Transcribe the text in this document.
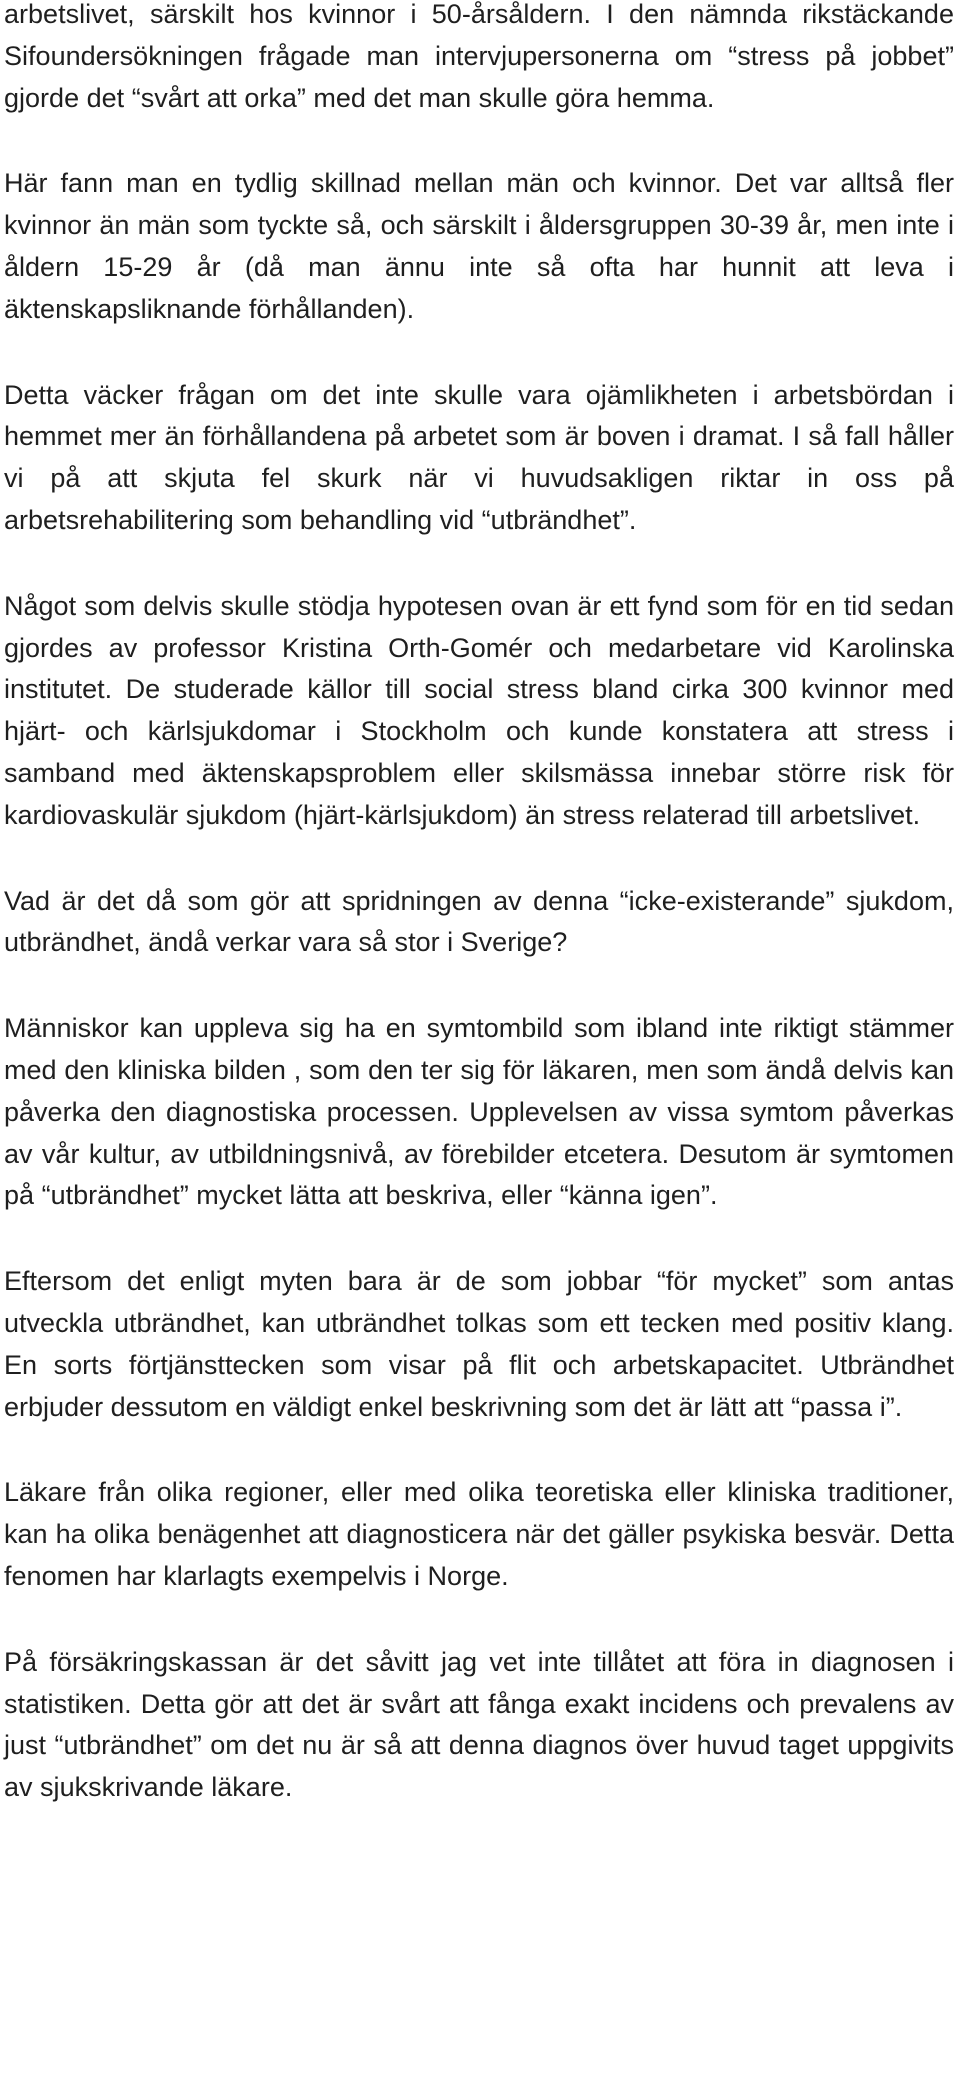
arbetslivet, särskilt hos kvinnor i 50-årsåldern. I den nämnda rikstäckande Sifoundersökningen frågade man intervjupersonerna om “stress på jobbet” gjorde det “svårt att orka” med det man skulle göra hemma.

Här fann man en tydlig skillnad mellan män och kvinnor. Det var alltså fler kvinnor än män som tyckte så, och särskilt i åldersgruppen 30-39 år, men inte i åldern 15-29 år (då man ännu inte så ofta har hunnit att leva i äktenskapsliknande förhållanden).

Detta väcker frågan om det inte skulle vara ojämlikheten i arbetsbördan i hemmet mer än förhållandena på arbetet som är boven i dramat. I så fall håller vi på att skjuta fel skurk när vi huvudsakligen riktar in oss på arbetsrehabilitering som behandling vid “utbrändhet”.

Något som delvis skulle stödja hypotesen ovan är ett fynd som för en tid sedan gjordes av professor Kristina Orth-Gomér och medarbetare vid Karolinska institutet. De studerade källor till social stress bland cirka 300 kvinnor med hjärt- och kärlsjukdomar i Stockholm och kunde konstatera att stress i samband med äktenskapsproblem eller skilsmässa innebar större risk för kardiovaskulär sjukdom (hjärt-kärlsjukdom) än stress relaterad till arbetslivet.

Vad är det då som gör att spridningen av denna “icke-existerande” sjukdom, utbrändhet, ändå verkar vara så stor i Sverige?

Människor kan uppleva sig ha en symtombild som ibland inte riktigt stämmer med den kliniska bilden , som den ter sig för läkaren, men som ändå delvis kan påverka den diagnostiska processen. Upplevelsen av vissa symtom påverkas av vår kultur, av utbildningsnivå, av förebilder etcetera. Desutom är symtomen på “utbrändhet” mycket lätta att beskriva, eller “känna igen”.

Eftersom det enligt myten bara är de som jobbar “för mycket” som antas utveckla utbrändhet, kan utbrändhet tolkas som ett tecken med positiv klang. En sorts förtjänsttecken som visar på flit och arbetskapacitet. Utbrändhet erbjuder dessutom en väldigt enkel beskrivning som det är lätt att “passa i”.

Läkare från olika regioner, eller med olika teoretiska eller kliniska traditioner, kan ha olika benägenhet att diagnosticera när det gäller psykiska besvär. Detta fenomen har klarlagts exempelvis i Norge.

På försäkringskassan är det såvitt jag vet inte tillåtet att föra in diagnosen i statistiken. Detta gör att det är svårt att fånga exakt incidens och prevalens av just “utbrändhet” om det nu är så att denna diagnos över huvud taget uppgivits av sjukskrivande läkare.
